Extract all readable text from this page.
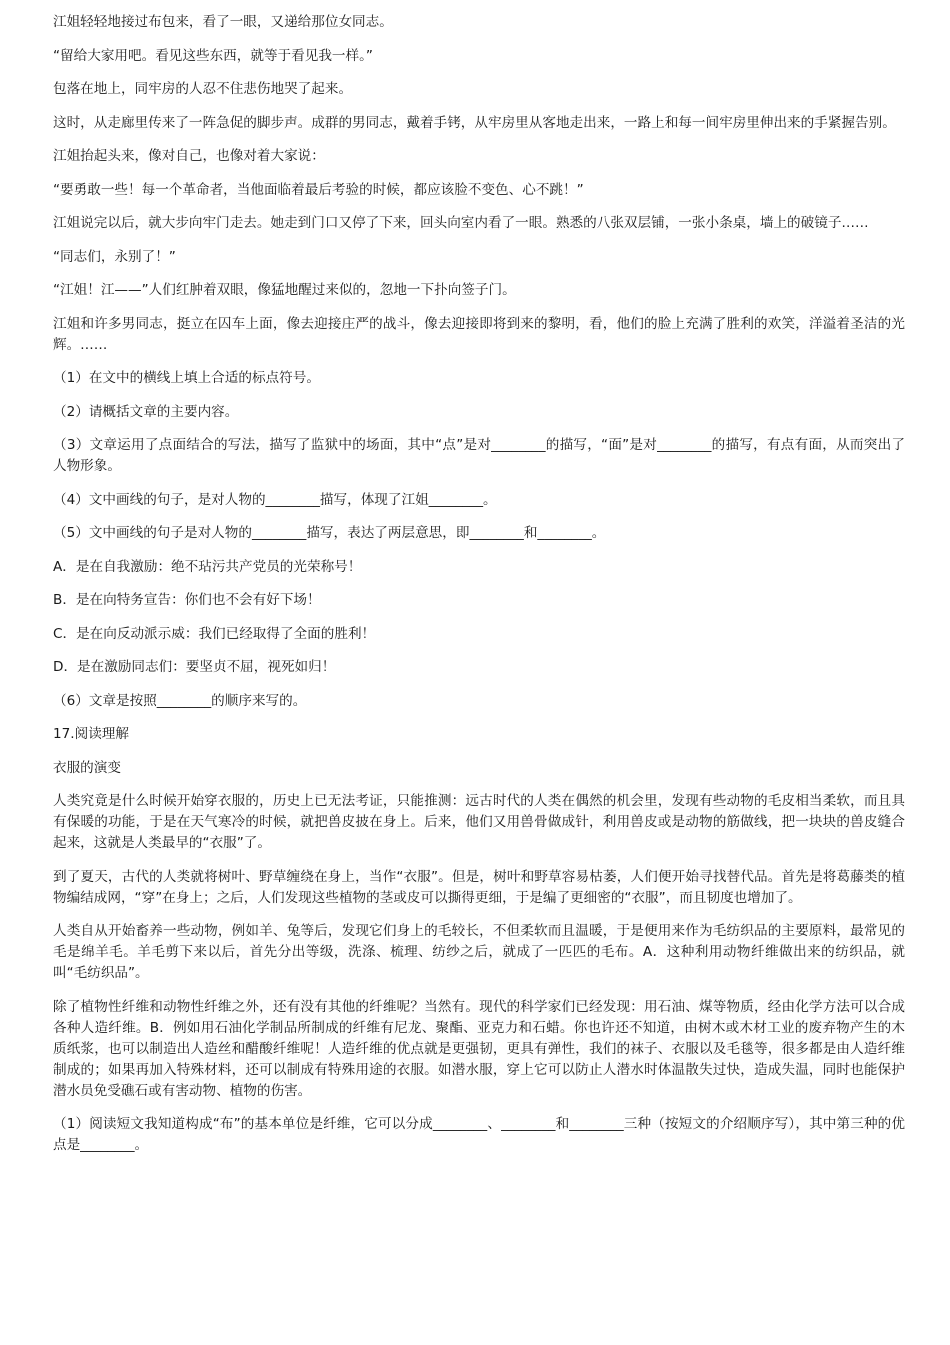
江姐轻轻地接过布包来，看了一眼，又递给那位女同志。

“留给大家用吧。看见这些东西，就等于看见我一样。”

包落在地上，同牢房的人忍不住悲伤地哭了起来。

这时，从走廊里传来了一阵急促的脚步声。成群的男同志，戴着手铐，从牢房里从客地走出来，一路上和每一间牢房里伸出来的手紧握告别。

江姐抬起头来，像对自己，也像对着大家说：

“要勇敢一些！每一个革命者，当他面临着最后考验的时候，都应该脸不变色、心不跳！”

江姐说完以后，就大步向牢门走去。她走到门口又停了下来，回头向室内看了一眼。熟悉的八张双层铺，一张小条桌，墙上的破镜子……

“同志们，永别了！”

“江姐！江——”人们红肿着双眼，像猛地醒过来似的，忽地一下扑向签子门。

江姐和许多男同志，挺立在囚车上面，像去迎接庄严的战斗，像去迎接即将到来的黎明，看，他们的脸上充满了胜利的欢笑，洋溢着圣洁的光辉。……

（1）在文中的横线上填上合适的标点符号。

（2）请概括文章的主要内容。

（3）文章运用了点面结合的写法，描写了监狱中的场面，其中“点”是对________的描写，“面”是对________的描写，有点有面，从而突出了人物形象。

（4）文中画线的句子，是对人物的________描写，体现了江姐________。

（5）文中画线的句子是对人物的________描写，表达了两层意思，即________和________。

A．是在自我激励：绝不玷污共产党员的光荣称号！

B．是在向特务宣告：你们也不会有好下场！

C．是在向反动派示威：我们已经取得了全面的胜利！

D．是在激励同志们：要坚贞不屈，视死如归！

（6）文章是按照________的顺序来写的。

17.阅读理解

衣服的演变

人类究竟是什么时候开始穿衣服的，历史上已无法考证，只能推测：远古时代的人类在偶然的机会里，发现有些动物的毛皮相当柔软，而且具有保暖的功能，于是在天气寒冷的时候，就把兽皮披在身上。后来，他们又用兽骨做成针，利用兽皮或是动物的筋做线，把一块块的兽皮缝合起来，这就是人类最早的“衣服”了。

到了夏天，古代的人类就将树叶、野草缠绕在身上，当作“衣服”。但是，树叶和野草容易枯萎，人们便开始寻找替代品。首先是将葛藤类的植物编结成网，“穿”在身上；之后，人们发现这些植物的茎或皮可以撕得更细，于是编了更细密的“衣服”，而且韧度也增加了。

人类自从开始畜养一些动物，例如羊、兔等后，发现它们身上的毛较长，不但柔软而且温暖，于是便用来作为毛纺织品的主要原料，最常见的毛是绵羊毛。羊毛剪下来以后，首先分出等级，洗涤、梳理、纺纱之后，就成了一匹匹的毛布。A．这种利用动物纤维做出来的纺织品，就叫“毛纺织品”。

除了植物性纤维和动物性纤维之外，还有没有其他的纤维呢？当然有。现代的科学家们已经发现：用石油、煤等物质，经由化学方法可以合成各种人造纤维。B．例如用石油化学制品所制成的纤维有尼龙、聚酯、亚克力和石蜡。你也许还不知道，由树木或木材工业的废弃物产生的木质纸浆，也可以制造出人造丝和醋酸纤维呢！人造纤维的优点就是更强韧，更具有弹性，我们的袜子、衣服以及毛毯等，很多都是由人造纤维制成的；如果再加入特殊材料，还可以制成有特殊用途的衣服。如潜水服，穿上它可以防止人潜水时体温散失过快，造成失温，同时也能保护潜水员免受礁石或有害动物、植物的伤害。

（1）阅读短文我知道构成“布”的基本单位是纤维，它可以分成________、________和________三种（按短文的介绍顺序写），其中第三种的优点是________。
